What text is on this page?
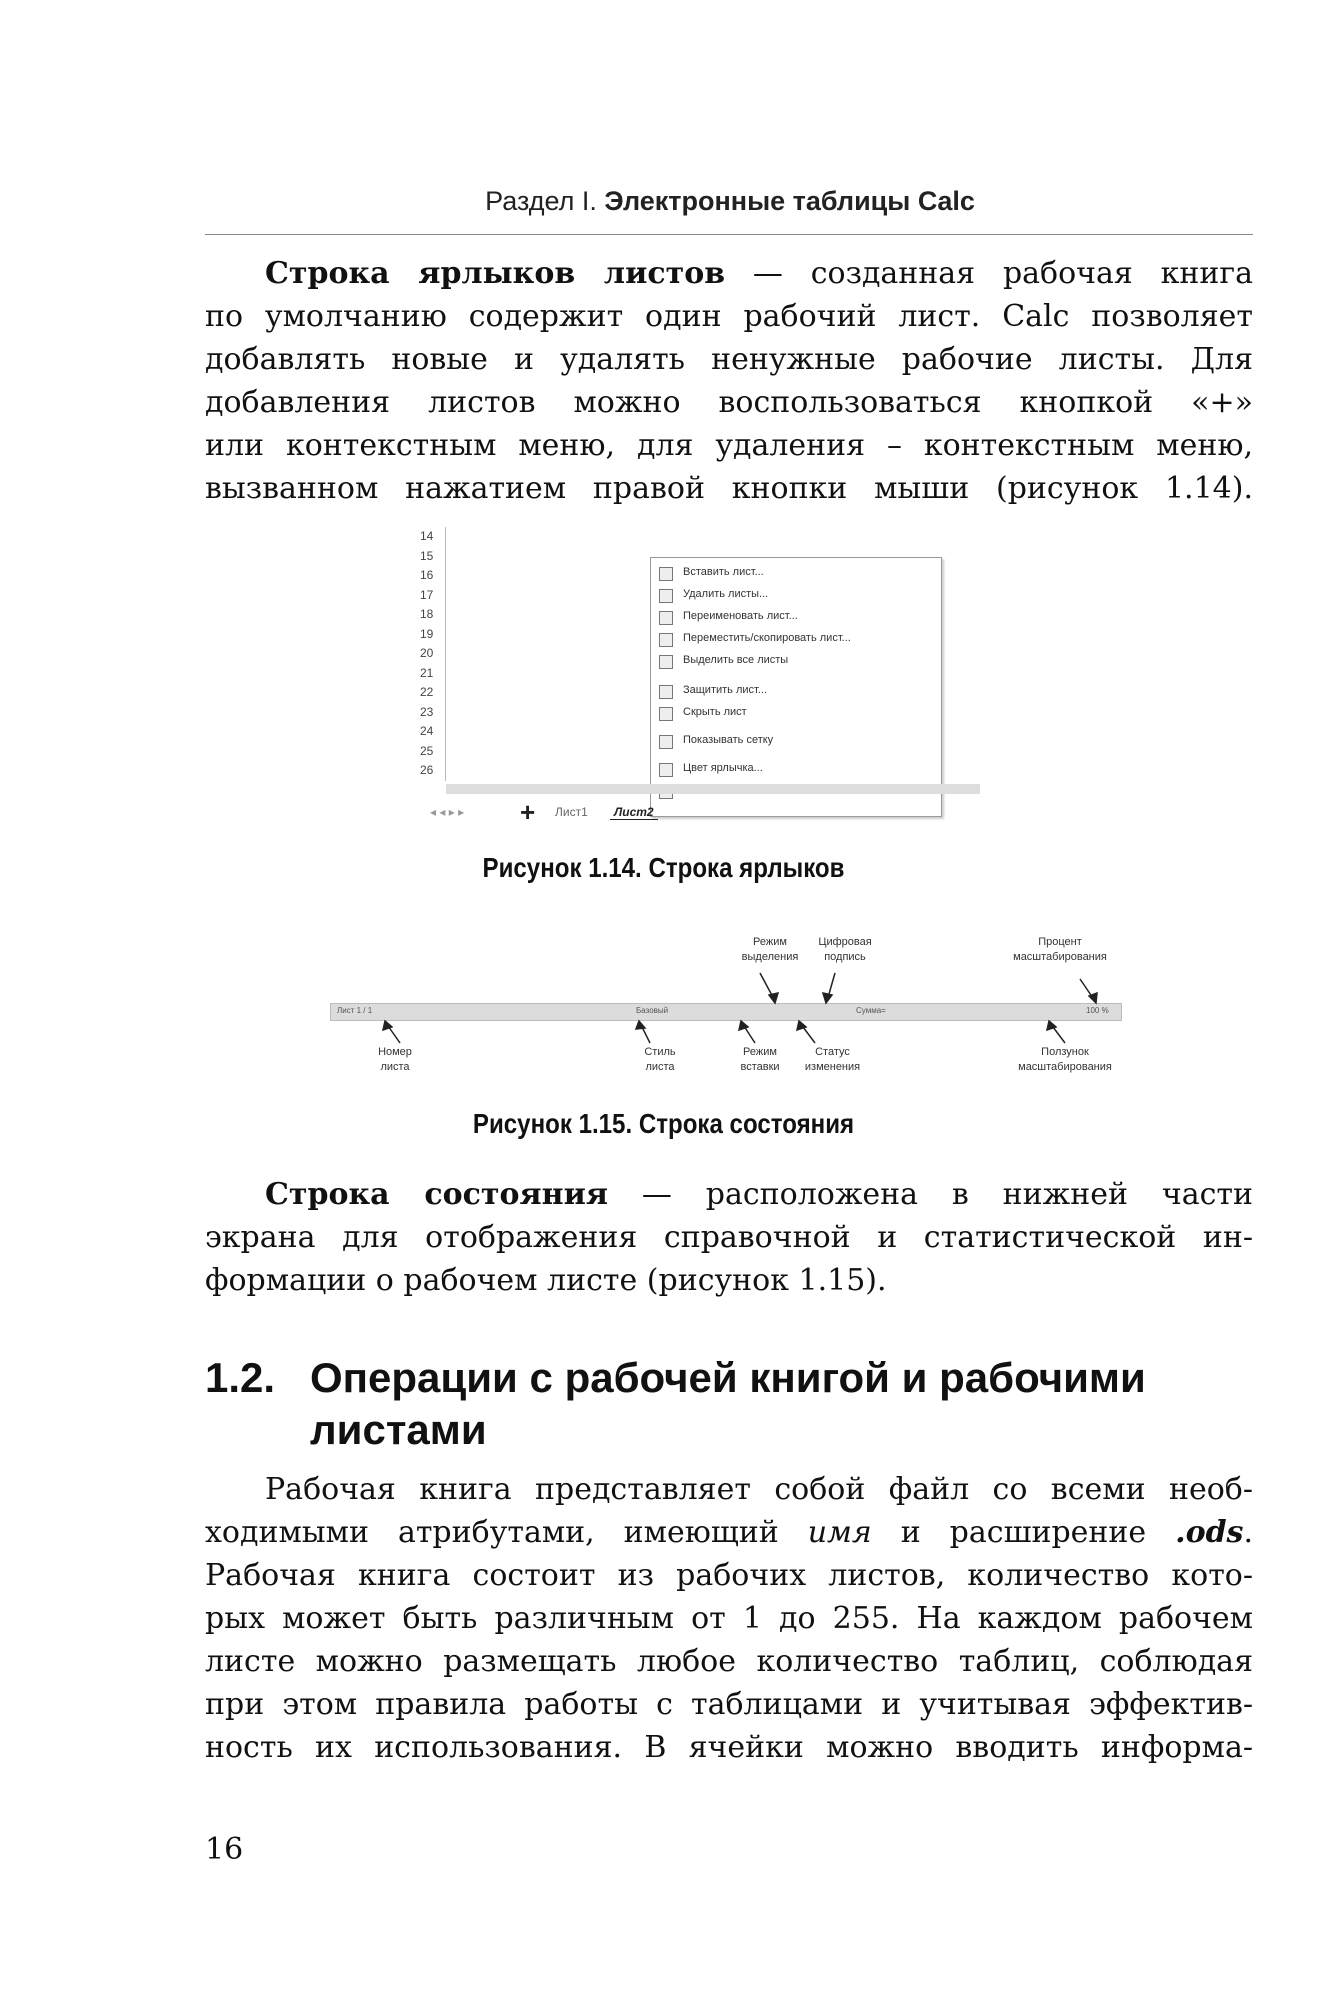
Раздел I. Электронные таблицы Calc
Строка ярлыков листов — созданная рабочая книга
по умолчанию содержит один рабочий лист. Calc позволяет
добавлять новые и удалять ненужные рабочие листы. Для
добавления листов можно воспользоваться кнопкой «+»
или контекстным меню, для удаления – контекстным меню,
вызванном нажатием правой кнопки мыши (рисунок 1.14).
14
15
16
17
18
19
20
21
22
23
24
25
26
Вставить лист...
Удалить листы...
Переименовать лист...
Переместить/скопировать лист...
Выделить все листы
Защитить лист...
Скрыть лист
Показывать сетку
Цвет ярлычка...
◂ ◂ ▸ ▸ + Лист1	Лист2
Рисунок 1.14. Строка ярлыков
Режим
выделения
Цифровая
подпись
Процент
масштабирования
Лист 1 / 1	Базовый	Сумма=	100 %
Номер
листа
Стиль
листа
Режим
вставки
Статус
изменения
Ползунок
масштабирования
Рисунок 1.15. Строка состояния
Строка состояния — расположена в нижней части
экрана для отображения справочной и статистической ин-
формации о рабочем листе (рисунок 1.15).
1.2. Операции с рабочей книгой и рабочими
листами
Рабочая книга представляет собой файл со всеми необ-
ходимыми атрибутами, имеющий имя и расширение .ods.
Рабочая книга состоит из рабочих листов, количество кото-
рых может быть различным от 1 до 255. На каждом рабочем
листе можно размещать любое количество таблиц, соблюдая
при этом правила работы с таблицами и учитывая эффектив-
ность их использования. В ячейки можно вводить информа-
16
